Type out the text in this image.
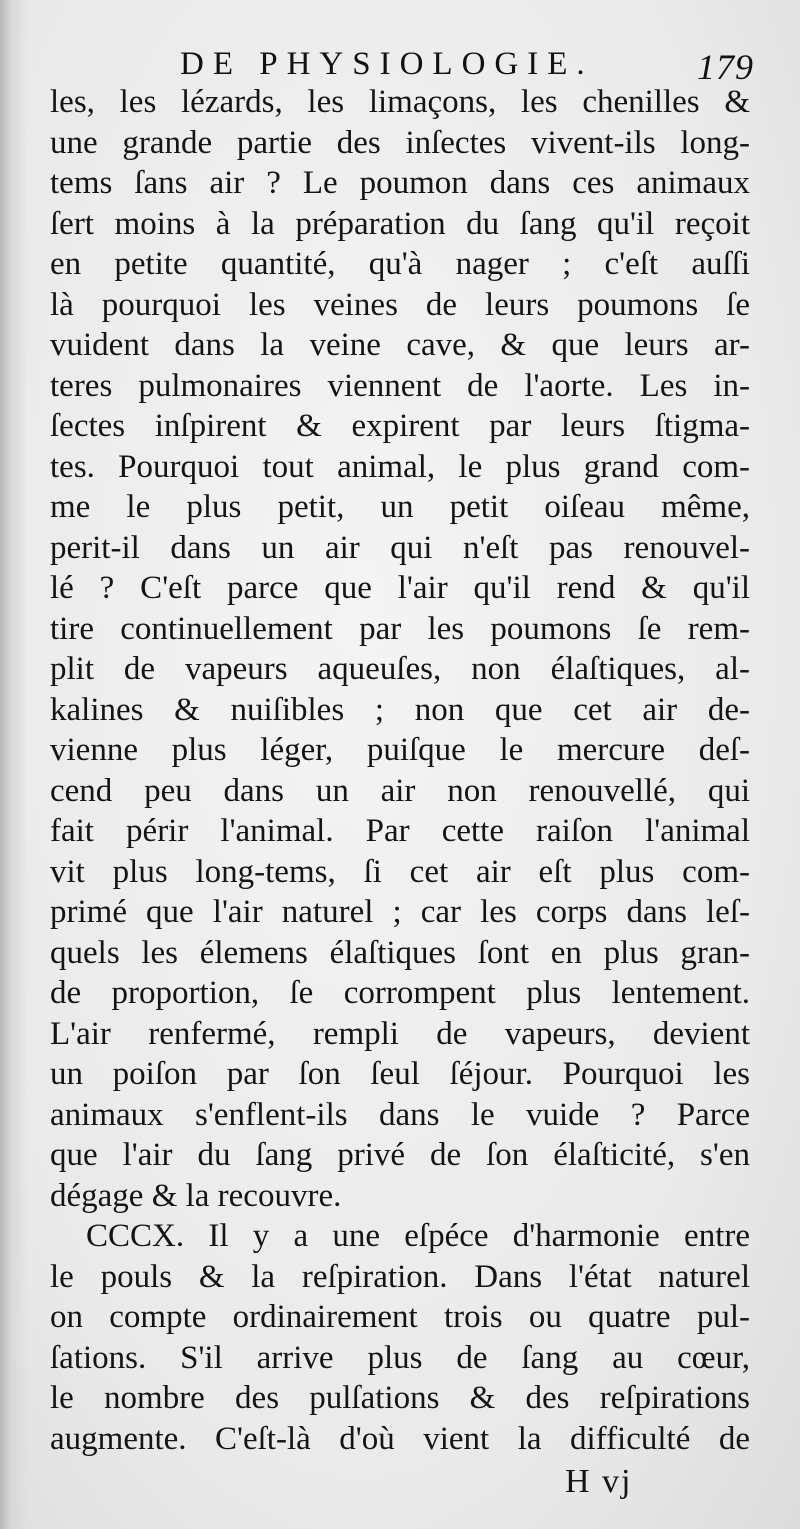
DE PHYSIOLOGIE.	179
les, les lézards, les limaçons, les chenilles &
une grande partie des inſectes vivent-ils long-
tems ſans air ? Le poumon dans ces animaux
ſert moins à la préparation du ſang qu'il reçoit
en petite quantité, qu'à nager ; c'eſt auſſi
là pourquoi les veines de leurs poumons ſe
vuident dans la veine cave, & que leurs ar-
teres pulmonaires viennent de l'aorte. Les in-
ſectes inſpirent & expirent par leurs ſtigma-
tes. Pourquoi tout animal, le plus grand com-
me le plus petit, un petit oiſeau même,
perit-il dans un air qui n'eſt pas renouvel-
lé ? C'eſt parce que l'air qu'il rend & qu'il
tire continuellement par les poumons ſe rem-
plit de vapeurs aqueuſes, non élaſtiques, al-
kalines & nuiſibles ; non que cet air de-
vienne plus léger, puiſque le mercure deſ-
cend peu dans un air non renouvellé, qui
fait périr l'animal. Par cette raiſon l'animal
vit plus long-tems, ſi cet air eſt plus com-
primé que l'air naturel ; car les corps dans leſ-
quels les élemens élaſtiques ſont en plus gran-
de proportion, ſe corrompent plus lentement.
L'air renfermé, rempli de vapeurs, devient
un poiſon par ſon ſeul ſéjour. Pourquoi les
animaux s'enflent-ils dans le vuide ? Parce
que l'air du ſang privé de ſon élaſticité, s'en
dégage & la recouvre.
CCCX. Il y a une eſpéce d'harmonie entre
le pouls & la reſpiration. Dans l'état naturel
on compte ordinairement trois ou quatre pul-
ſations. S'il arrive plus de ſang au cœur,
le nombre des pulſations & des reſpirations
augmente. C'eſt-là d'où vient la difficulté de
H vj
